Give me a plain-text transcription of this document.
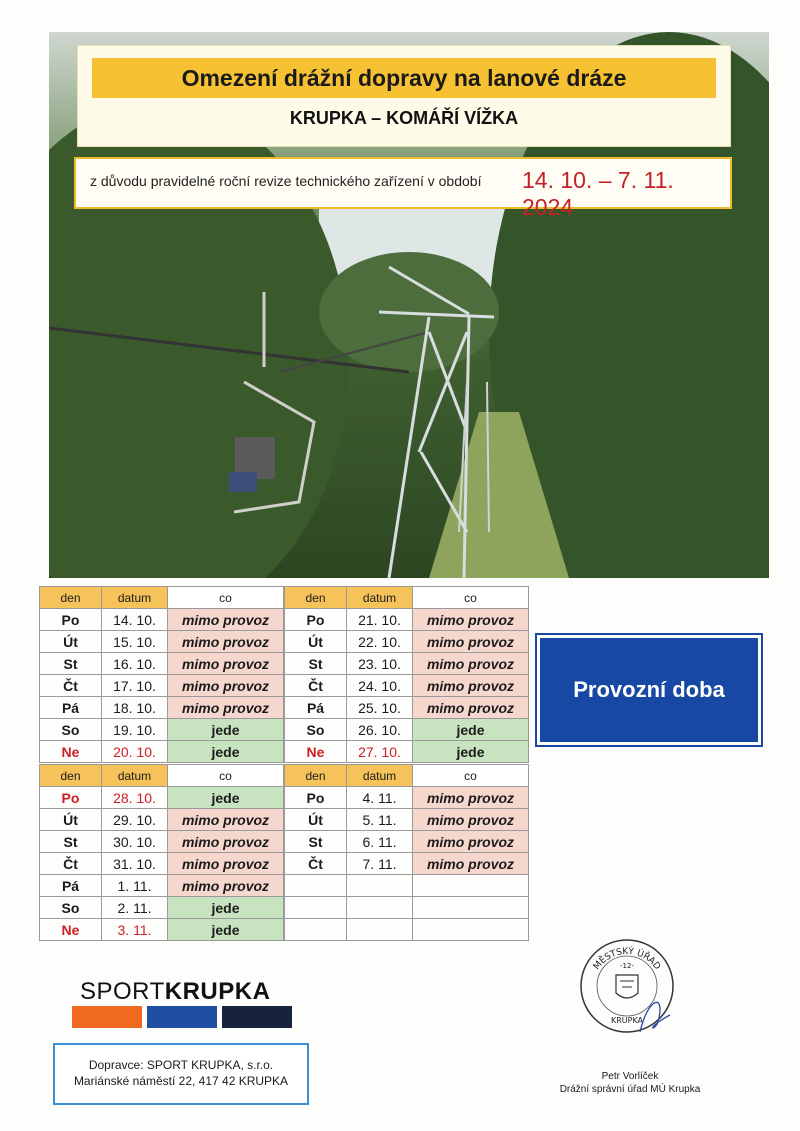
Omezení drážní dopravy na lanové dráze
KRUPKA – KOMÁŘÍ VÍŽKA
z důvodu pravidelné roční revize technického zařízení v období 14. 10. – 7. 11. 2024
den	datum	co
Po	14. 10.	mimo provoz
Út	15. 10.	mimo provoz
St	16. 10.	mimo provoz
Čt	17. 10.	mimo provoz
Pá	18. 10.	mimo provoz
So	19. 10.	jede
Ne	20. 10.	jede
den	datum	co
Po	21. 10.	mimo provoz
Út	22. 10.	mimo provoz
St	23. 10.	mimo provoz
Čt	24. 10.	mimo provoz
Pá	25. 10.	mimo provoz
So	26. 10.	jede
Ne	27. 10.	jede
den	datum	co
Po	28. 10.	jede
Út	29. 10.	mimo provoz
St	30. 10.	mimo provoz
Čt	31. 10.	mimo provoz
Pá	1. 11.	mimo provoz
So	2. 11.	jede
Ne	3. 11.	jede
den	datum	co
Po	4. 11.	mimo provoz
Út	5. 11.	mimo provoz
St	6. 11.	mimo provoz
Čt	7. 11.	mimo provoz

Provozní doba
SPORTKRUPKA
Dopravce: SPORT KRUPKA, s.r.o.
Mariánské náměstí 22, 417 42 KRUPKA
MĚSTSKÝ ÚŘAD
-12-
KRUPKA
Petr Vorlíček
Drážní správní úřad MÚ Krupka
